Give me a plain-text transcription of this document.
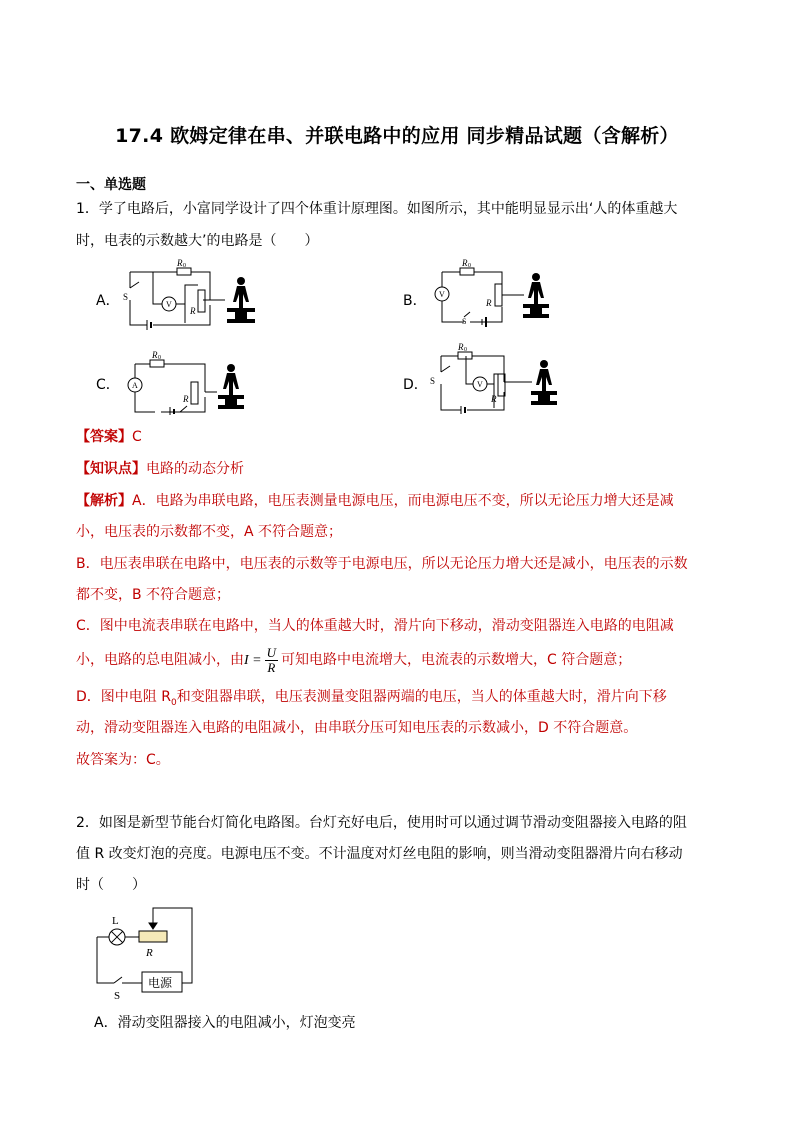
17.4 欧姆定律在串、并联电路中的应用 同步精品试题（含解析）
一、单选题
1．学了电路后，小富同学设计了四个体重计原理图。如图所示，其中能明显显示出‘人的体重越大
时，电表的示数越大’的电路是（　　）
A．	B．
C．	D．
R 0
S
V
R
R 0
V
R
S
R 0
A
R
R 0
S	V
R
【答案】C
【知识点】电路的动态分析
【解析】A．电路为串联电路，电压表测量电源电压，而电源电压不变，所以无论压力增大还是减
小，电压表的示数都不变，A 不符合题意；
B．电压表串联在电路中，电压表的示数等于电源电压，所以无论压力增大还是减小，电压表的示数
都不变，B 不符合题意；
C．图中电流表串联在电路中，当人的体重越大时，滑片向下移动，滑动变阻器连入电路的电阻减
小，电路的总电阻减小，由$I = \frac{U}{R}$ 可知电路中电流增大，电流表的示数增大，C 符合题意；
D．图中电阻 $R_0$和变阻器串联，电压表测量变阻器两端的电压，当人的体重越大时，滑片向下移
动，滑动变阻器连入电路的电阻减小，由串联分压可知电压表的示数减小，D 不符合题意。
故答案为：C。
2．如图是新型节能台灯简化电路图。台灯充好电后，使用时可以通过调节滑动变阻器接入电路的阻
值 R 改变灯泡的亮度。电源电压不变。不计温度对灯丝电阻的影响，则当滑动变阻器滑片向右移动
时（　　）
L
R
S
电源
A．滑动变阻器接入的电阻减小，灯泡变亮
